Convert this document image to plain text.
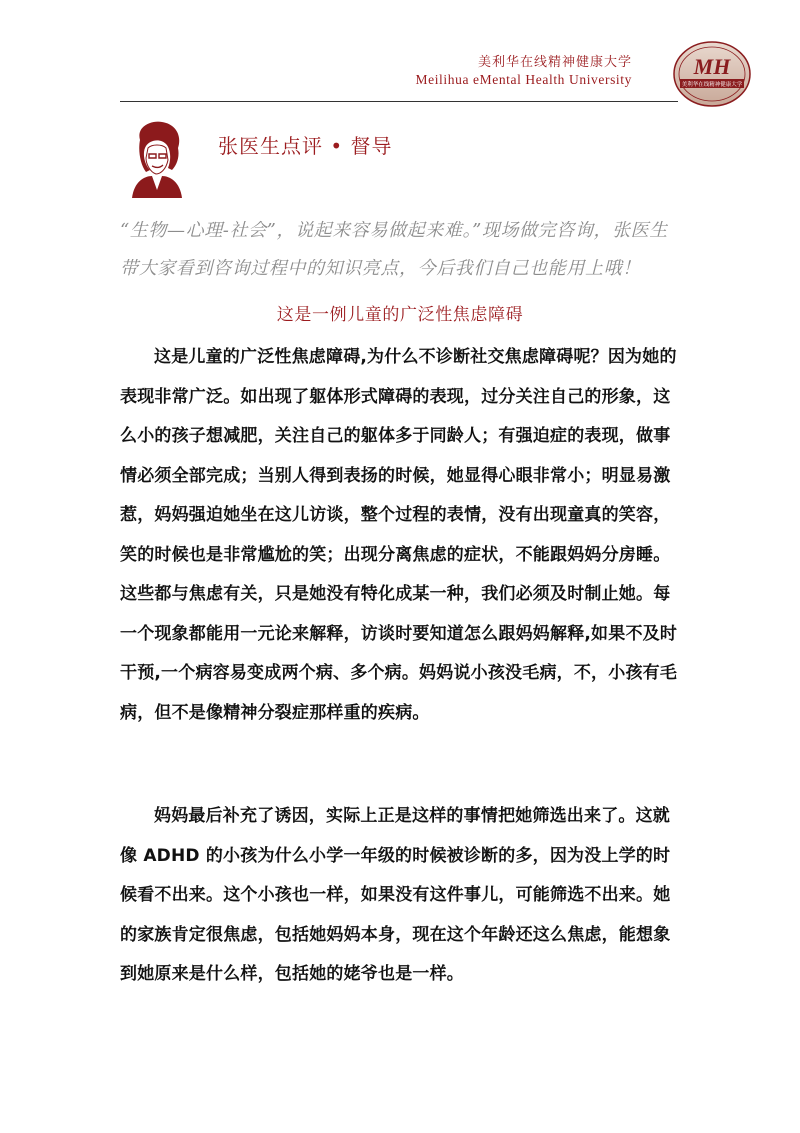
美利华在线精神健康大学
Meilihua eMental Health University
MH
美利华在线精神健康大学
张医生点评 • 督导

“生物—心理-社会”，说起来容易做起来难。”现场做完咨询，张医生带大家看到咨询过程中的知识亮点，今后我们自己也能用上哦！

这是一例儿童的广泛性焦虑障碍

这是儿童的广泛性焦虑障碍,为什么不诊断社交焦虑障碍呢？因为她的表现非常广泛。如出现了躯体形式障碍的表现，过分关注自己的形象，这么小的孩子想减肥，关注自己的躯体多于同龄人；有强迫症的表现，做事情必须全部完成；当别人得到表扬的时候，她显得心眼非常小；明显易激惹，妈妈强迫她坐在这儿访谈，整个过程的表情，没有出现童真的笑容，笑的时候也是非常尴尬的笑；出现分离焦虑的症状，不能跟妈妈分房睡。这些都与焦虑有关，只是她没有特化成某一种，我们必须及时制止她。每一个现象都能用一元论来解释，访谈时要知道怎么跟妈妈解释,如果不及时干预,一个病容易变成两个病、多个病。妈妈说小孩没毛病，不，小孩有毛病，但不是像精神分裂症那样重的疾病。

妈妈最后补充了诱因，实际上正是这样的事情把她筛选出来了。这就像 ADHD 的小孩为什么小学一年级的时候被诊断的多，因为没上学的时候看不出来。这个小孩也一样，如果没有这件事儿，可能筛选不出来。她的家族肯定很焦虑，包括她妈妈本身，现在这个年龄还这么焦虑，能想象到她原来是什么样，包括她的姥爷也是一样。
